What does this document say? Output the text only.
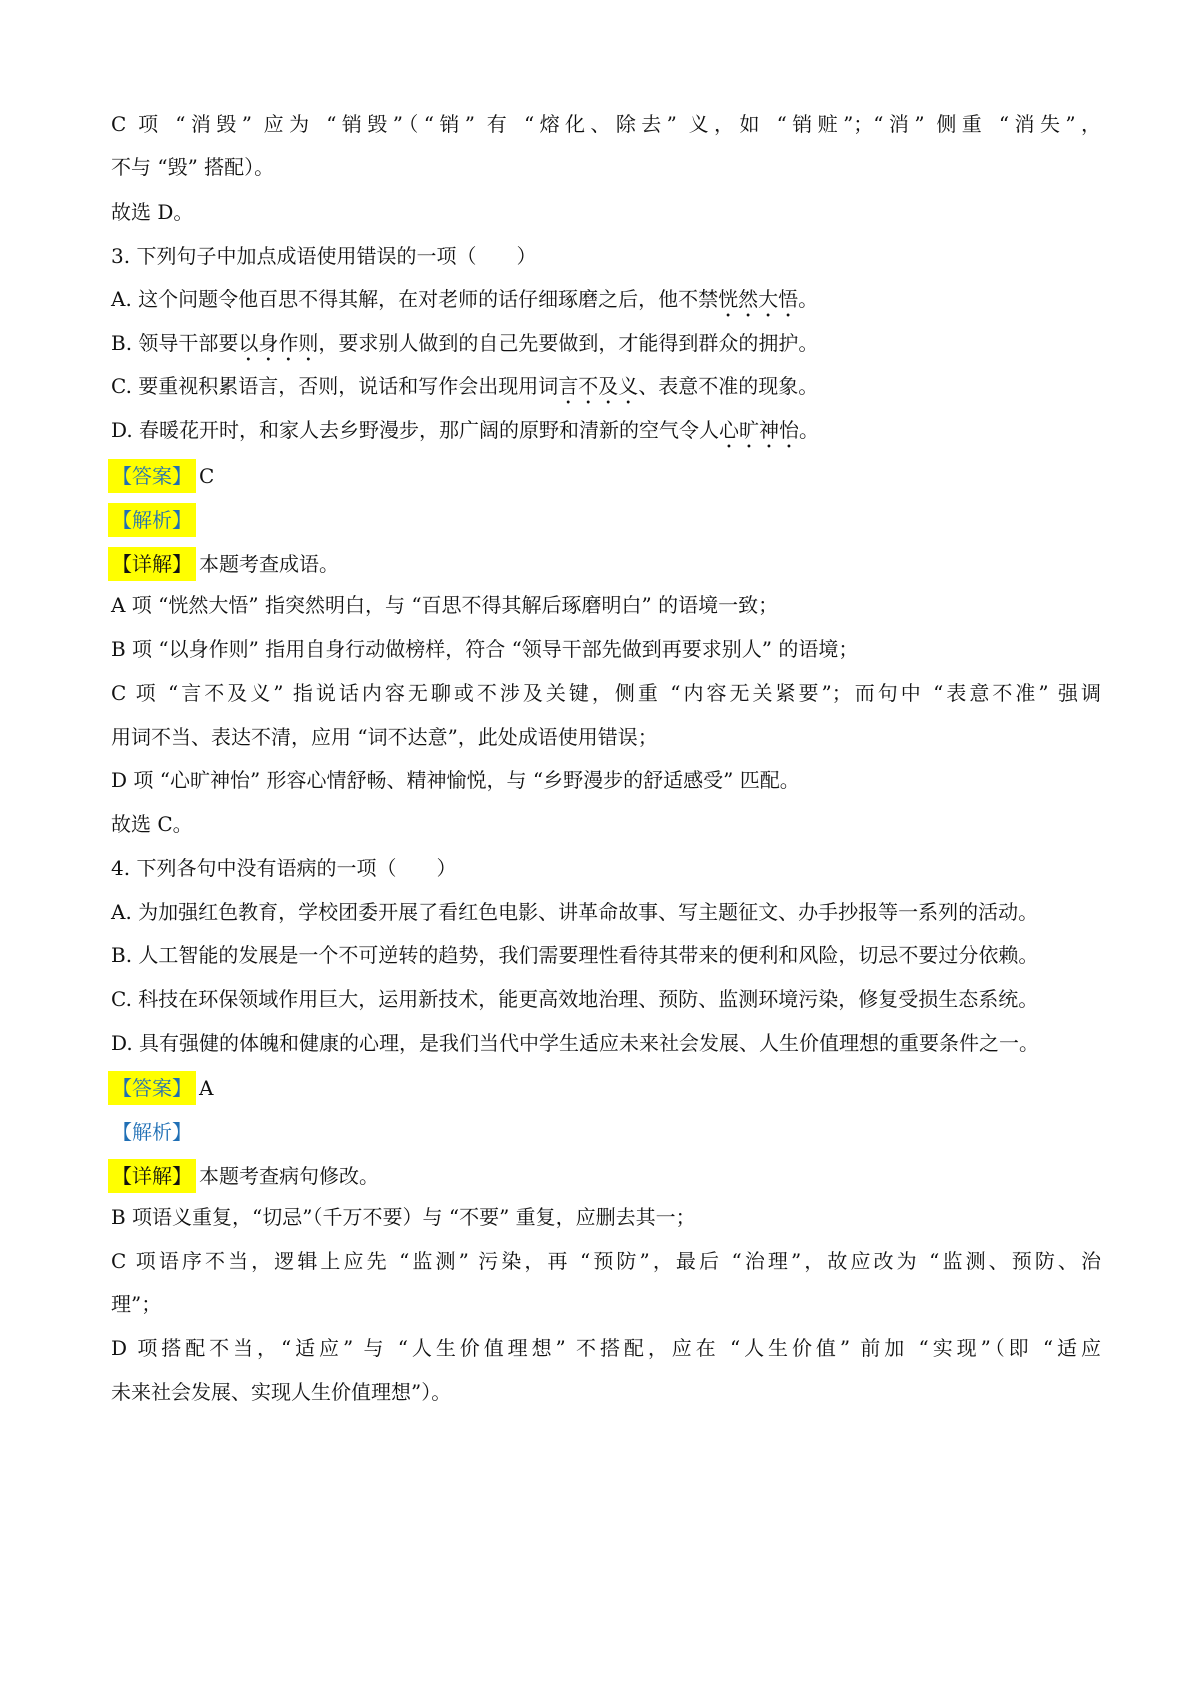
C 项 “消毁” 应为 “销毁”（“销” 有 “熔化、除去” 义，如 “销赃”；“消” 侧重 “消失”，
不与 “毁” 搭配）。
故选 D。
3. 下列句子中加点成语使用错误的一项（　　）
A. 这个问题令他百思不得其解，在对老师的话仔细琢磨之后，他不禁恍然大悟。
B. 领导干部要以身作则，要求别人做到的自己先要做到，才能得到群众的拥护。
C. 要重视积累语言，否则，说话和写作会出现用词言不及义、表意不准的现象。
D. 春暖花开时，和家人去乡野漫步，那广阔的原野和清新的空气令人心旷神怡。
【答案】 C
【解析】
【详解】 本题考查成语。
A 项 “恍然大悟” 指突然明白，与 “百思不得其解后琢磨明白” 的语境一致；
B 项 “以身作则” 指用自身行动做榜样，符合 “领导干部先做到再要求别人” 的语境；
C 项 “言不及义” 指说话内容无聊或不涉及关键，侧重 “内容无关紧要”；而句中 “表意不准” 强调
用词不当、表达不清，应用 “词不达意”，此处成语使用错误；
D 项 “心旷神怡” 形容心情舒畅、精神愉悦，与 “乡野漫步的舒适感受” 匹配。
故选 C。
4. 下列各句中没有语病的一项（　　）
A. 为加强红色教育，学校团委开展了看红色电影、讲革命故事、写主题征文、办手抄报等一系列的活动。
B. 人工智能的发展是一个不可逆转的趋势，我们需要理性看待其带来的便利和风险，切忌不要过分依赖。
C. 科技在环保领域作用巨大，运用新技术，能更高效地治理、预防、监测环境污染，修复受损生态系统。
D. 具有强健的体魄和健康的心理，是我们当代中学生适应未来社会发展、人生价值理想的重要条件之一。
【答案】 A
【解析】
【详解】 本题考查病句修改。
B 项语义重复，“切忌”（千万不要）与 “不要” 重复，应删去其一；
C 项语序不当，逻辑上应先 “监测” 污染，再 “预防”，最后 “治理”，故应改为 “监测、预防、治
理”；
D 项搭配不当，“适应” 与 “人生价值理想” 不搭配，应在 “人生价值” 前加 “实现”（即 “适应
未来社会发展、实现人生价值理想”）。
